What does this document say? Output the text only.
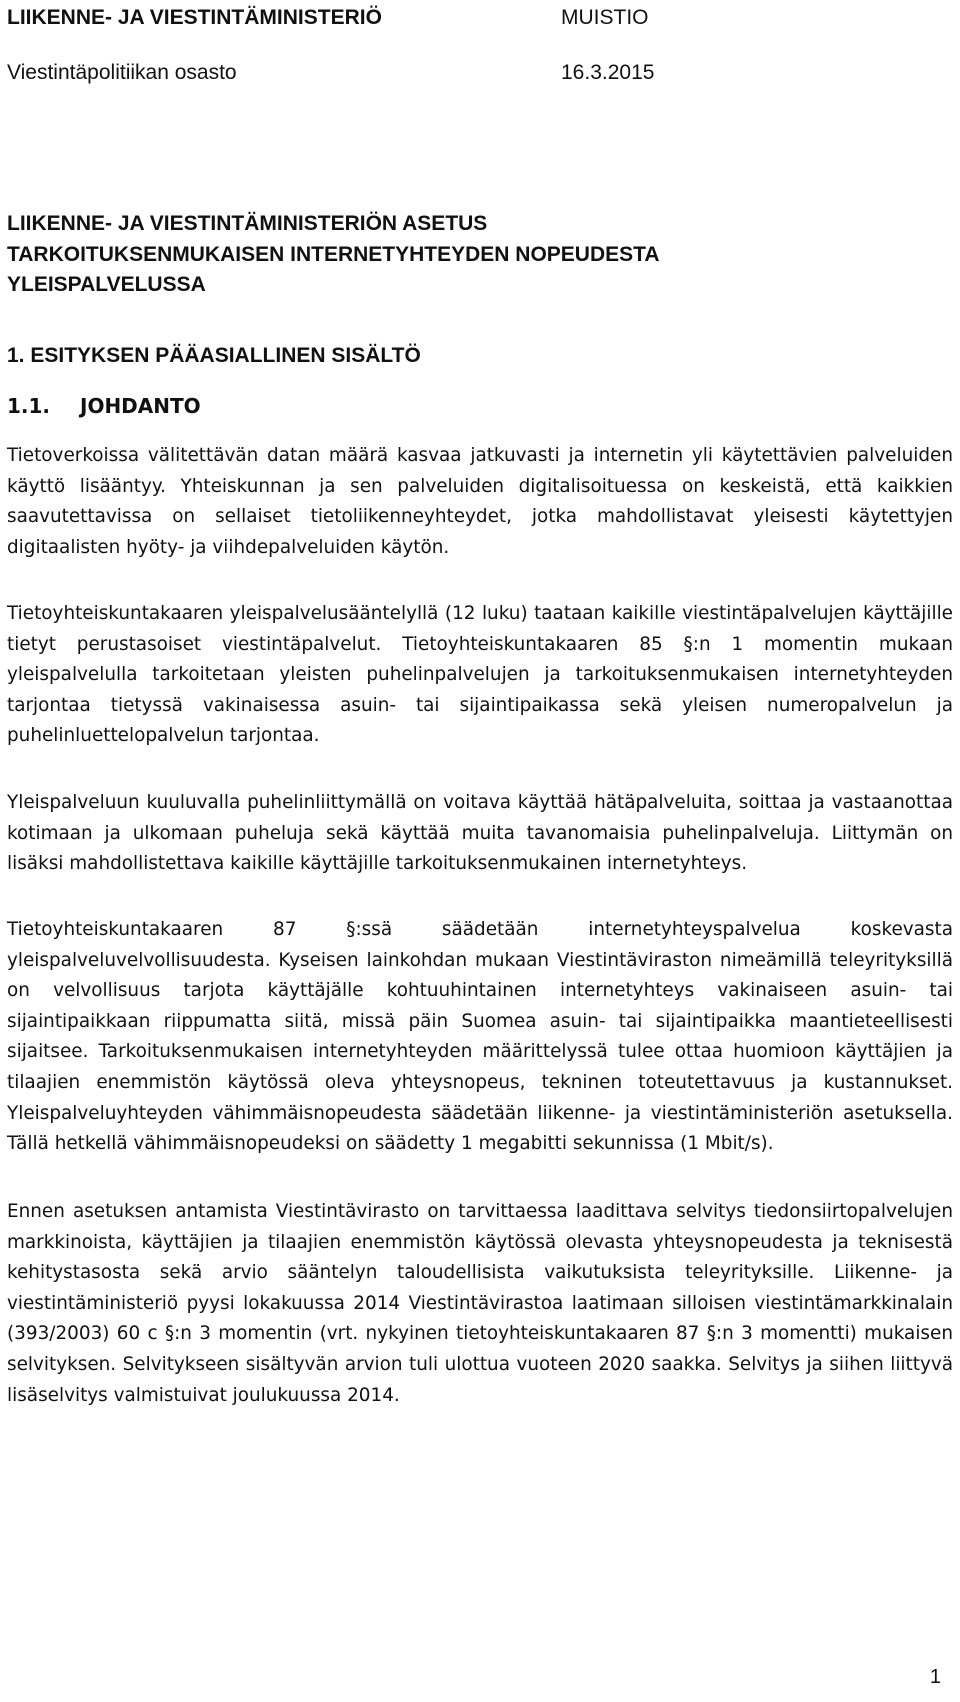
LIIKENNE- JA VIESTINTÄMINISTERIÖ	MUISTIO
Viestintäpolitiikan osasto	16.3.2015
LIIKENNE- JA VIESTINTÄMINISTERIÖN ASETUS
TARKOITUKSENMUKAISEN INTERNETYHTEYDEN NOPEUDESTA
YLEISPALVELUSSA
1. ESITYKSEN PÄÄASIALLINEN SISÄLTÖ
1.1. JOHDANTO

Tietoverkoissa välitettävän datan määrä kasvaa jatkuvasti ja internetin yli käytettävien palveluiden käyttö lisääntyy. Yhteiskunnan ja sen palveluiden digitalisoituessa on keskeistä, että kaikkien saavutettavissa on sellaiset tietoliikenneyhteydet, jotka mahdollistavat yleisesti käytettyjen digitaalisten hyöty- ja viihdepalveluiden käytön.

Tietoyhteiskuntakaaren yleispalvelusääntelyllä (12 luku) taataan kaikille viestintäpalvelujen käyttäjille tietyt perustasoiset viestintäpalvelut. Tietoyhteiskuntakaaren 85 §:n 1 momentin mukaan yleispalvelulla tarkoitetaan yleisten puhelinpalvelujen ja tarkoituksenmukaisen internetyhteyden tarjontaa tietyssä vakinaisessa asuin- tai sijaintipaikassa sekä yleisen numeropalvelun ja puhelinluettelopalvelun tarjontaa.

Yleispalveluun kuuluvalla puhelinliittymällä on voitava käyttää hätäpalveluita, soittaa ja vastaanottaa kotimaan ja ulkomaan puheluja sekä käyttää muita tavanomaisia puhelinpalveluja. Liittymän on lisäksi mahdollistettava kaikille käyttäjille tarkoituksenmukainen internetyhteys.

Tietoyhteiskuntakaaren 87 §:ssä säädetään internetyhteyspalvelua koskevasta yleispalveluvelvollisuudesta. Kyseisen lainkohdan mukaan Viestintäviraston nimeämillä teleyrityksillä on velvollisuus tarjota käyttäjälle kohtuuhintainen internetyhteys vakinaiseen asuin- tai sijaintipaikkaan riippumatta siitä, missä päin Suomea asuin- tai sijaintipaikka maantieteellisesti sijaitsee. Tarkoituksenmukaisen internetyhteyden määrittelyssä tulee ottaa huomioon käyttäjien ja tilaajien enemmistön käytössä oleva yhteysnopeus, tekninen toteutettavuus ja kustannukset. Yleispalveluyhteyden vähimmäisnopeudesta säädetään liikenne- ja viestintäministeriön asetuksella. Tällä hetkellä vähimmäisnopeudeksi on säädetty 1 megabitti sekunnissa (1 Mbit/s).

Ennen asetuksen antamista Viestintävirasto on tarvittaessa laadittava selvitys tiedonsiirtopalvelujen markkinoista, käyttäjien ja tilaajien enemmistön käytössä olevasta yhteysnopeudesta ja teknisestä kehitystasosta sekä arvio sääntelyn taloudellisista vaikutuksista teleyrityksille. Liikenne- ja viestintäministeriö pyysi lokakuussa 2014 Viestintävirastoa laatimaan silloisen viestintämarkkinalain (393/2003) 60 c §:n 3 momentin (vrt. nykyinen tietoyhteiskuntakaaren 87 §:n 3 momentti) mukaisen selvityksen. Selvitykseen sisältyvän arvion tuli ulottua vuoteen 2020 saakka. Selvitys ja siihen liittyvä lisäselvitys valmistuivat joulukuussa 2014.

1
